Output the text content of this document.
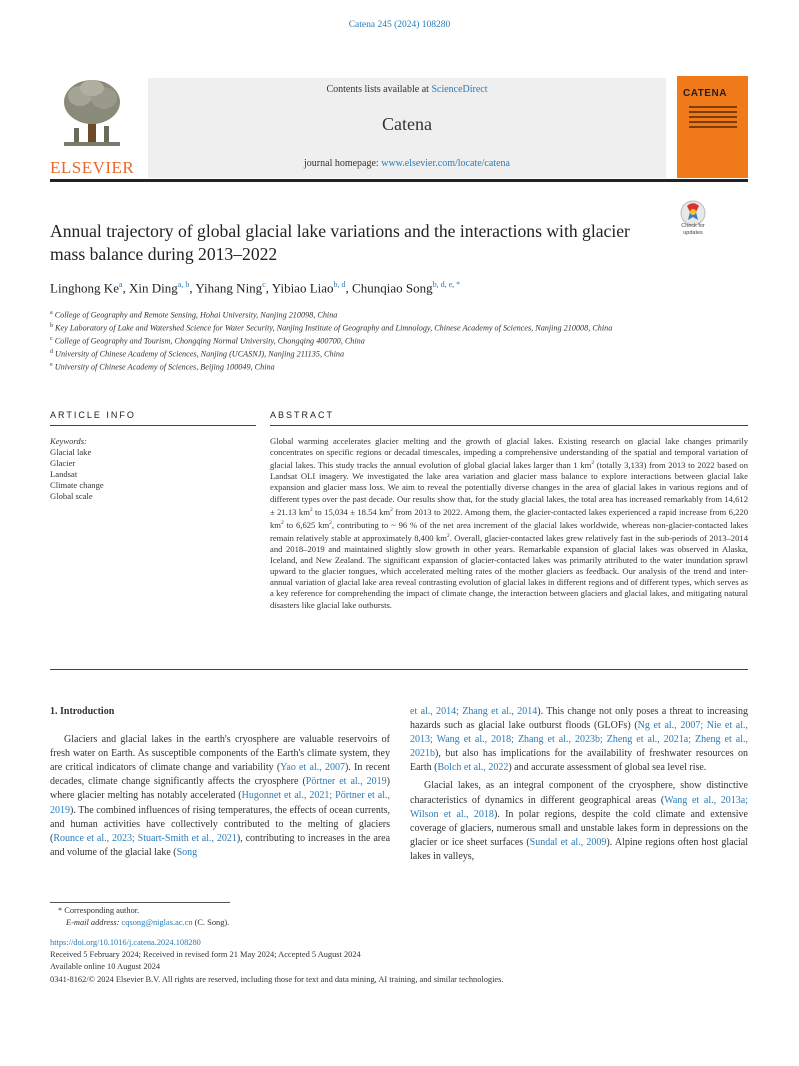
Catena 245 (2024) 108280
ELSEVIER
Contents lists available at ScienceDirect
Catena
journal homepage: www.elsevier.com/locate/catena
CATENA
Annual trajectory of global glacial lake variations and the interactions with glacier mass balance during 2013–2022
Check for
updates
Linghong Ke$^a$, Xin Ding$^{a, b}$, Yihang Ning$^c$, Yibiao Liao$^{b, d}$, Chunqiao Song$^{b, d, e, *}$
$^a$ College of Geography and Remote Sensing, Hohai University, Nanjing 210098, China
$^b$ Key Laboratory of Lake and Watershed Science for Water Security, Nanjing Institute of Geography and Limnology, Chinese Academy of Sciences, Nanjing 210008, China
$^c$ College of Geography and Tourism, Chongqing Normal University, Chongqing 400700, China
$^d$ University of Chinese Academy of Sciences, Nanjing (UCASNJ), Nanjing 211135, China
$^e$ University of Chinese Academy of Sciences, Beijing 100049, China
ARTICLE INFO	ABSTRACT
Keywords:
Glacial lake
Glacier
Landsat
Climate change
Global scale
Global warming accelerates glacier melting and the growth of glacial lakes. Existing research on glacial lake changes primarily concentrates on specific regions or decadal timescales, impeding a comprehensive understanding of the spatial and temporal variation of glacial lakes. This study tracks the annual evolution of global glacial lakes larger than 1 $km^2$ (totally 3,133) from 2013 to 2022 based on Landsat OLI imagery. We investigated the lake area variation and glacier mass balance to explore interactions between glacial lake expansion and glacier mass loss. We aim to reveal the potentially diverse changes in the area of glacial lakes in various regions and of different types over the past decade. Our results show that, for the study glacial lakes, the total area has increased remarkably from 14,612 ± 21.13 $km^2$ to 15,034 ± 18.54 $km^2$ from 2013 to 2022. Among them, the glacier-contacted lakes experienced a rapid increase from 6,220 $km^2$ to 6,625 $km^2$, contributing to ~ 96 % of the net area increment of the glacial lakes worldwide, whereas non-glacier-contacted lakes remain relatively stable at approximately 8,400 $km^2$. Overall, glacier-contacted lakes grew relatively fast in the sub-periods of 2013–2014 and 2018–2019 and maintained slightly slow growth in other years. Remarkable expansion of glacial lakes was observed in Alaska, Iceland, and New Zealand. The significant expansion of glacier-contacted lakes was primarily attributed to the water inundation sprawl upward to the glacier tongues, which accelerated melting rates of the mother glaciers as feedback. Our analysis of the trend and inter-annual variation of glacial lake area reveal contrasting evolution of glacial lakes in different regions and of different types, which serves as a key reference for comprehending the impact of climate change, the interaction between glaciers and glacial lakes, and mitigating natural disasters like glacial lake outbursts.
1. Introduction
Glaciers and glacial lakes in the earth's cryosphere are valuable reservoirs of fresh water on Earth. As susceptible components of the Earth's climate system, they are critical indicators of climate change and variability (Yao et al., 2007). In recent decades, climate change significantly affects the cryosphere (Pörtner et al., 2019) where glacier melting has notably accelerated (Hugonnet et al., 2021; Pörtner et al., 2019). The combined influences of rising temperatures, the effects of ocean currents, and human activities have collectively contributed to the melting of glaciers (Rounce et al., 2023; Stuart-Smith et al., 2021), contributing to increases in the area and volume of the glacial lake (Song
et al., 2014; Zhang et al., 2014). This change not only poses a threat to increasing hazards such as glacial lake outburst floods (GLOFs) (Ng et al., 2007; Nie et al., 2013; Wang et al., 2018; Zhang et al., 2023b; Zheng et al., 2021a; Zheng et al., 2021b), but also has implications for the availability of freshwater resources on Earth (Bolch et al., 2022) and accurate assessment of global sea level rise.
Glacial lakes, as an integral component of the cryosphere, show distinctive characteristics of dynamics in different geographical areas (Wang et al., 2013a; Wilson et al., 2018). In polar regions, despite the cold climate and extensive coverage of glaciers, numerous small and unstable lakes form in depressions on the glacier or ice sheet surfaces (Sundal et al., 2009). Alpine regions often host glacial lakes in valleys,
* Corresponding author.
E-mail address: cqsong@niglas.ac.cn (C. Song).
https://doi.org/10.1016/j.catena.2024.108280
Received 5 February 2024; Received in revised form 21 May 2024; Accepted 5 August 2024
Available online 10 August 2024
0341-8162/© 2024 Elsevier B.V. All rights are reserved, including those for text and data mining, AI training, and similar technologies.
